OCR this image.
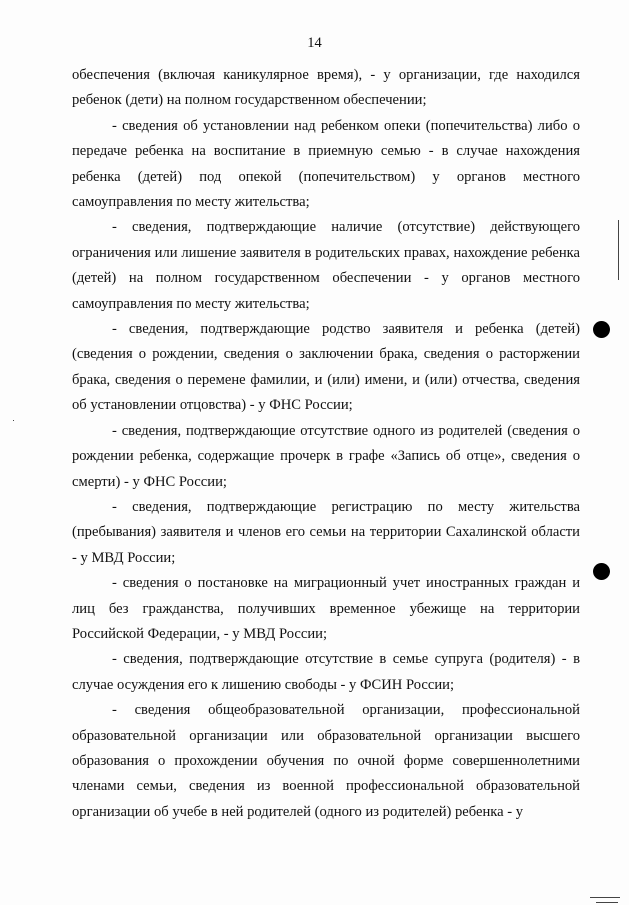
14

обеспечения (включая каникулярное время), - у организации, где находился ребенок (дети) на полном государственном обеспечении;

- сведения об установлении над ребенком опеки (попечительства) либо о передаче ребенка на воспитание в приемную семью - в случае нахождения ребенка (детей) под опекой (попечительством) у органов местного самоуправления по месту жительства;

- сведения, подтверждающие наличие (отсутствие) действующего ограничения или лишение заявителя в родительских правах, нахождение ребенка (детей) на полном государственном обеспечении - у органов местного самоуправления по месту жительства;

- сведения, подтверждающие родство заявителя и ребенка (детей) (сведения о рождении, сведения о заключении брака, сведения о расторжении брака, сведения о перемене фамилии, и (или) имени, и (или) отчества, сведения об установлении отцовства) - у ФНС России;

- сведения, подтверждающие отсутствие одного из родителей (сведения о рождении ребенка, содержащие прочерк в графе «Запись об отце», сведения о смерти) - у ФНС России;

- сведения, подтверждающие регистрацию по месту жительства (пребывания) заявителя и членов его семьи на территории Сахалинской области - у МВД России;

- сведения о постановке на миграционный учет иностранных граждан и лиц без гражданства, получивших временное убежище на территории Российской Федерации, - у МВД России;

- сведения, подтверждающие отсутствие в семье супруга (родителя) - в случае осуждения его к лишению свободы - у ФСИН России;

- сведения общеобразовательной организации, профессиональной образовательной организации или образовательной организации высшего образования о прохождении обучения по очной форме совершеннолетними членами семьи, сведения из военной профессиональной образовательной организации об учебе в ней родителей (одного из родителей) ребенка - у
